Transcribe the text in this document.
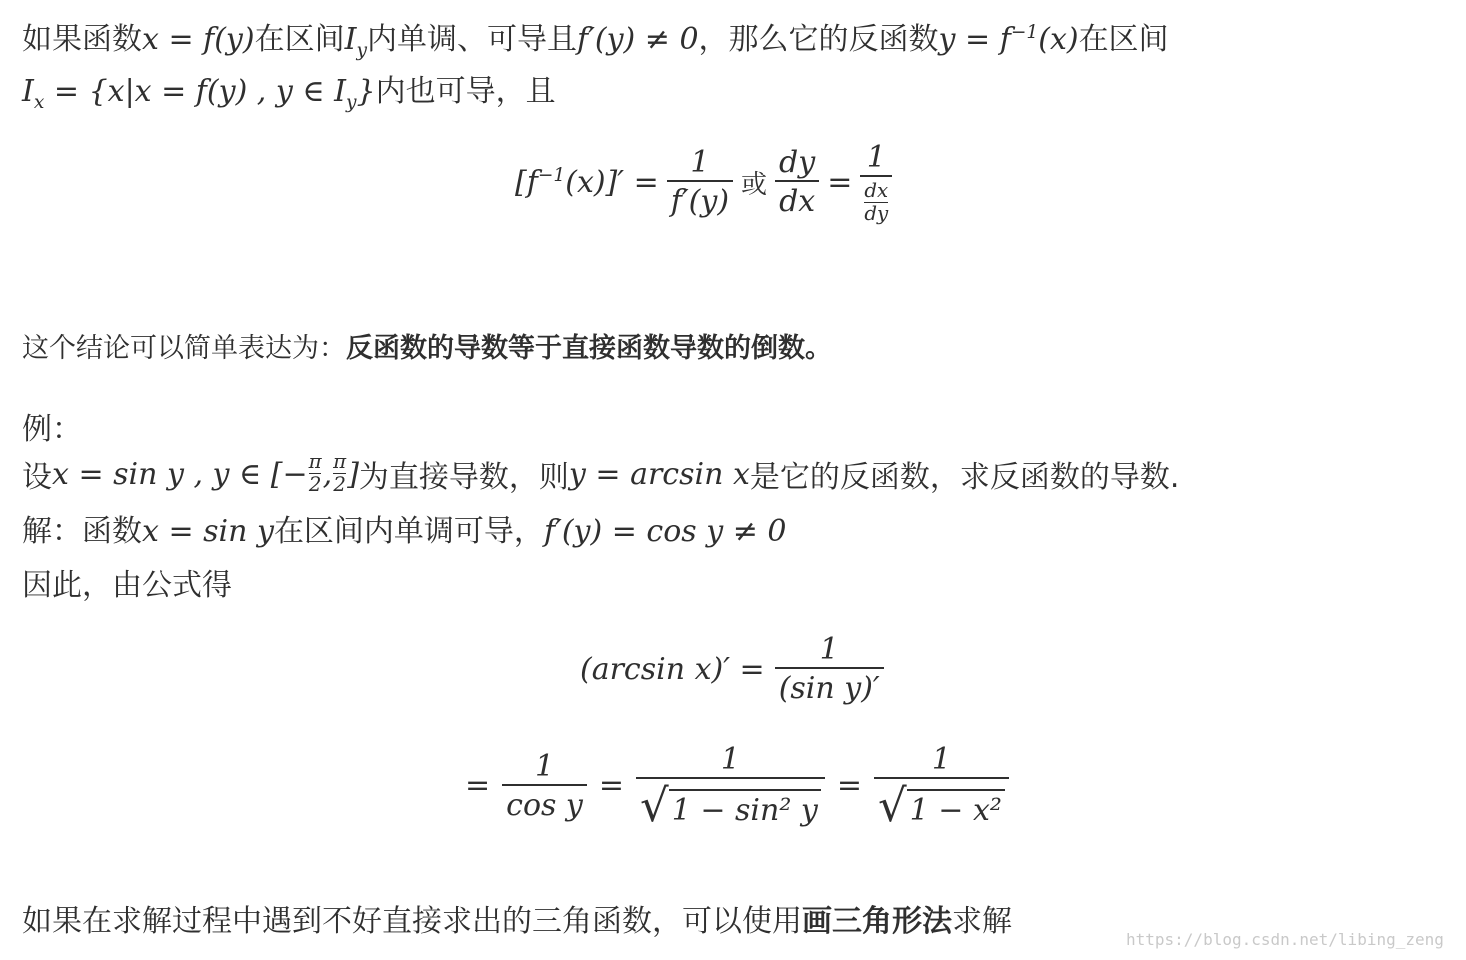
如果函数x = f(y)在区间$I_y$内单调、可导且f′(y) ≠ 0，那么它的反函数$y = f^{-1}(x)$在区间
$I_x = \{x|x = f(y)$ , y ∈ $I_y$}内也可导，且
$[f^{-1}(x)]' = \frac{1}{f'(y)}$ 或 $\frac{dy}{dx} = \frac{1}{\frac{dx}{dy}}$
这个结论可以简单表达为：反函数的导数等于直接函数导数的倒数。
例：
设 x = sin y , y ∈ [− $\frac{\pi}{2}$ , π
2 ] 为直接导数，则 y = arcsin x 是它的反函数，求反函数的导数.
解：函数x = sin y在区间内单调可导，f′(y) = cos y ≠ 0
因此，由公式得
(arcsin $x)' = \frac{1}{\text{(sin y)′}}$
= $\frac{1}{\text{cos y}} = \frac{1}{\text{√ 1 − sin² y}} = \frac{1}{\text{√ 1 − x²}}$
如果在求解过程中遇到不好直接求出的三角函数，可以使用画三角形法求解
https://blog.csdn.net/libing_zeng
